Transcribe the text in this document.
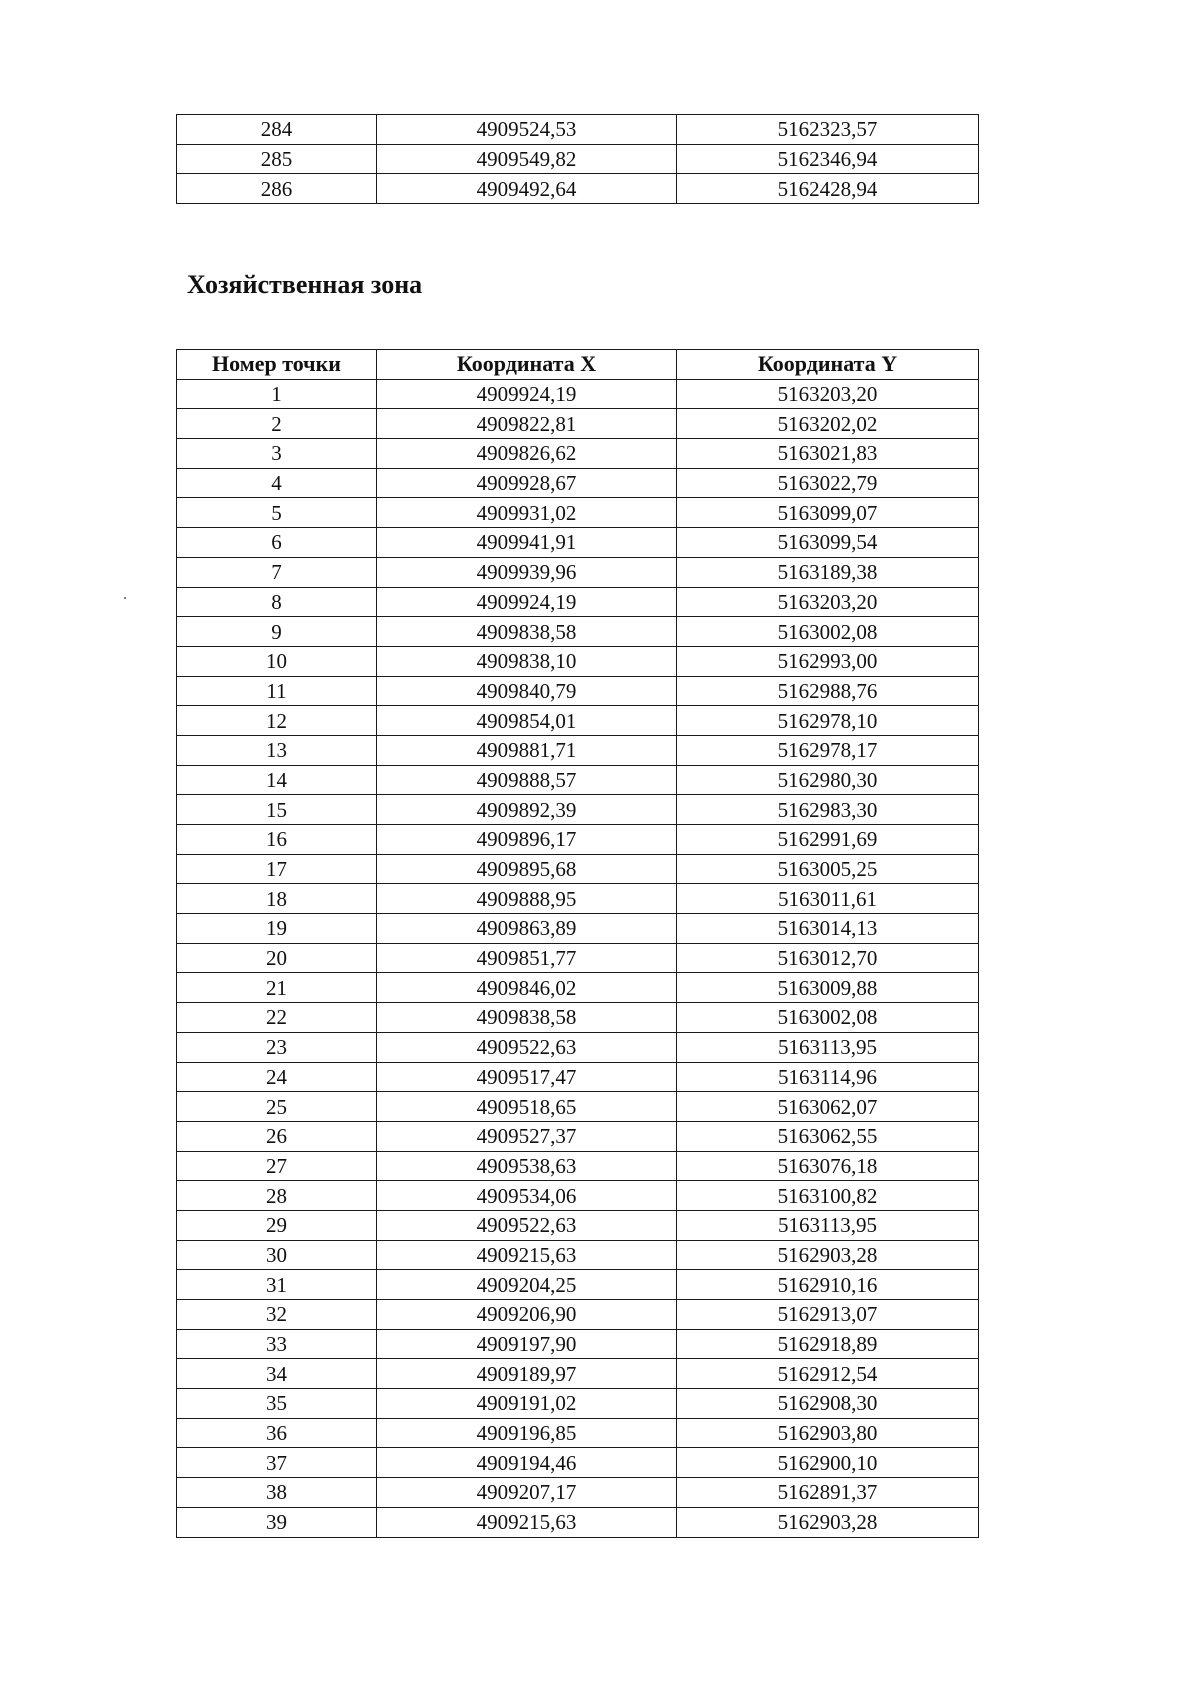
284	4909524,53	5162323,57
285	4909549,82	5162346,94
286	4909492,64	5162428,94
Хозяйственная зона
Номер точки	Координата X	Координата Y
1	4909924,19	5163203,20
2	4909822,81	5163202,02
3	4909826,62	5163021,83
4	4909928,67	5163022,79
5	4909931,02	5163099,07
6	4909941,91	5163099,54
7	4909939,96	5163189,38
8	4909924,19	5163203,20
9	4909838,58	5163002,08
10	4909838,10	5162993,00
11	4909840,79	5162988,76
12	4909854,01	5162978,10
13	4909881,71	5162978,17
14	4909888,57	5162980,30
15	4909892,39	5162983,30
16	4909896,17	5162991,69
17	4909895,68	5163005,25
18	4909888,95	5163011,61
19	4909863,89	5163014,13
20	4909851,77	5163012,70
21	4909846,02	5163009,88
22	4909838,58	5163002,08
23	4909522,63	5163113,95
24	4909517,47	5163114,96
25	4909518,65	5163062,07
26	4909527,37	5163062,55
27	4909538,63	5163076,18
28	4909534,06	5163100,82
29	4909522,63	5163113,95
30	4909215,63	5162903,28
31	4909204,25	5162910,16
32	4909206,90	5162913,07
33	4909197,90	5162918,89
34	4909189,97	5162912,54
35	4909191,02	5162908,30
36	4909196,85	5162903,80
37	4909194,46	5162900,10
38	4909207,17	5162891,37
39	4909215,63	5162903,28
